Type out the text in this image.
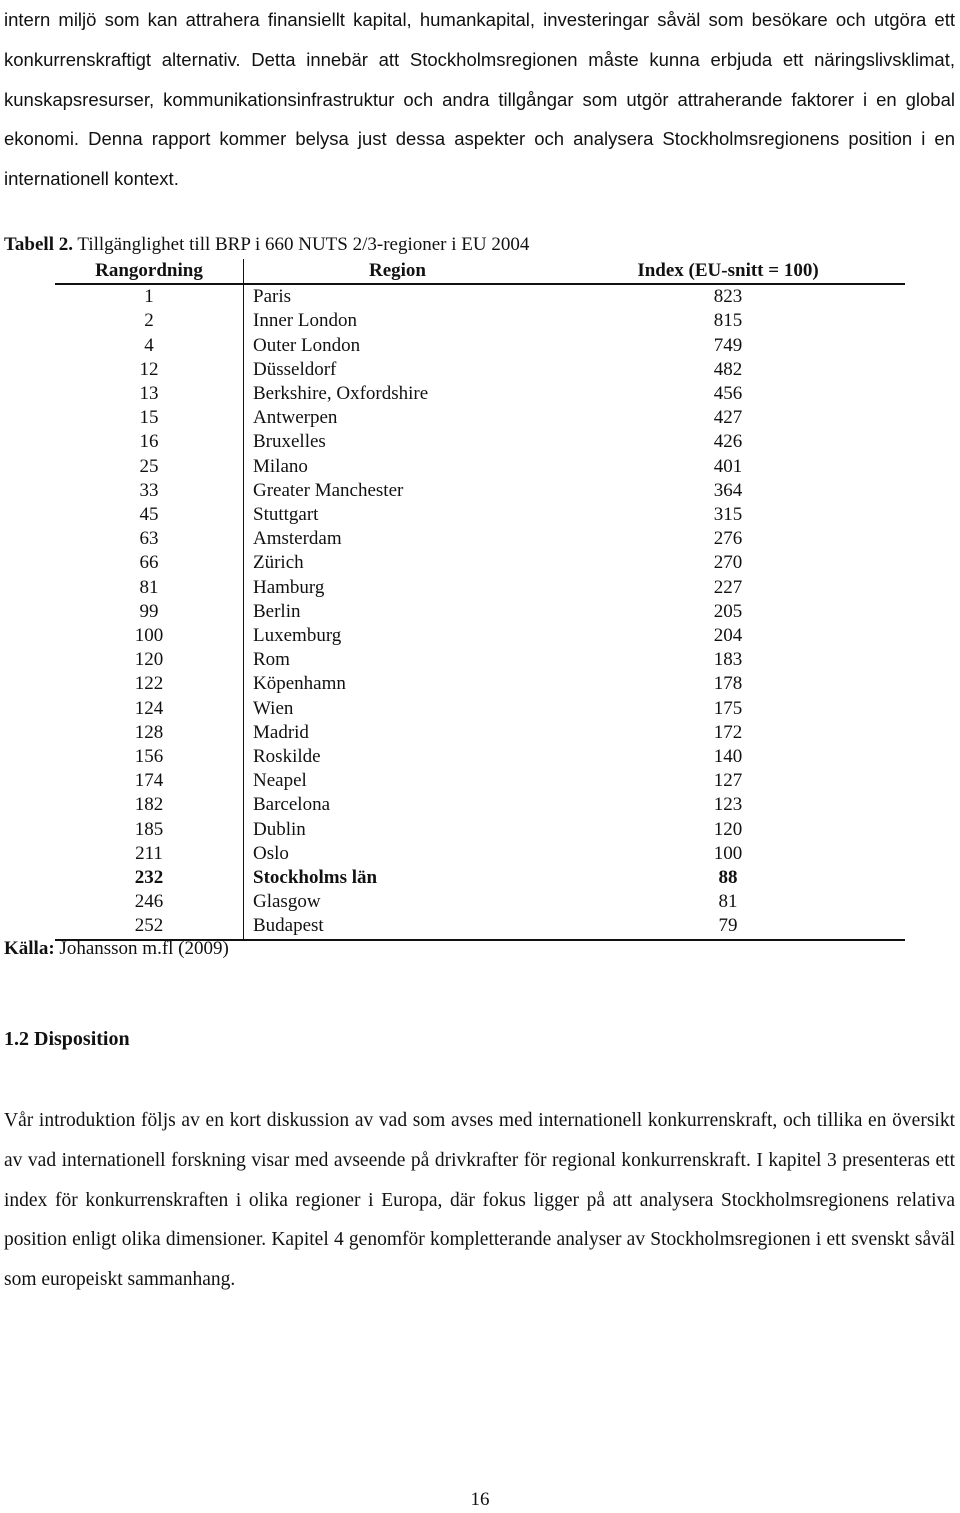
intern miljö som kan attrahera finansiellt kapital, humankapital, investeringar såväl som besökare och utgöra ett konkurrenskraftigt alternativ. Detta innebär att Stockholmsregionen måste kunna erbjuda ett näringslivsklimat, kunskapsresurser, kommunikationsinfrastruktur och andra tillgångar som utgör attraherande faktorer i en global ekonomi. Denna rapport kommer belysa just dessa aspekter och analysera Stockholmsregionens position i en internationell kontext.

Tabell 2. Tillgänglighet till BRP i 660 NUTS 2/3-regioner i EU 2004
Rangordning	Region	Index (EU-snitt = 100)
1	Paris	823
2	Inner London	815
4	Outer London	749
12	Düsseldorf	482
13	Berkshire, Oxfordshire	456
15	Antwerpen	427
16	Bruxelles	426
25	Milano	401
33	Greater Manchester	364
45	Stuttgart	315
63	Amsterdam	276
66	Zürich	270
81	Hamburg	227
99	Berlin	205
100	Luxemburg	204
120	Rom	183
122	Köpenhamn	178
124	Wien	175
128	Madrid	172
156	Roskilde	140
174	Neapel	127
182	Barcelona	123
185	Dublin	120
211	Oslo	100
232	Stockholms län	88
246	Glasgow	81
252	Budapest	79
Källa: Johansson m.fl (2009)
1.2 Disposition

Vår introduktion följs av en kort diskussion av vad som avses med internationell konkurrenskraft, och tillika en översikt av vad internationell forskning visar med avseende på drivkrafter för regional konkurrenskraft. I kapitel 3 presenteras ett index för konkurrenskraften i olika regioner i Europa, där fokus ligger på att analysera Stockholmsregionens relativa position enligt olika dimensioner. Kapitel 4 genomför kompletterande analyser av Stockholmsregionen i ett svenskt såväl som europeiskt sammanhang.

16
